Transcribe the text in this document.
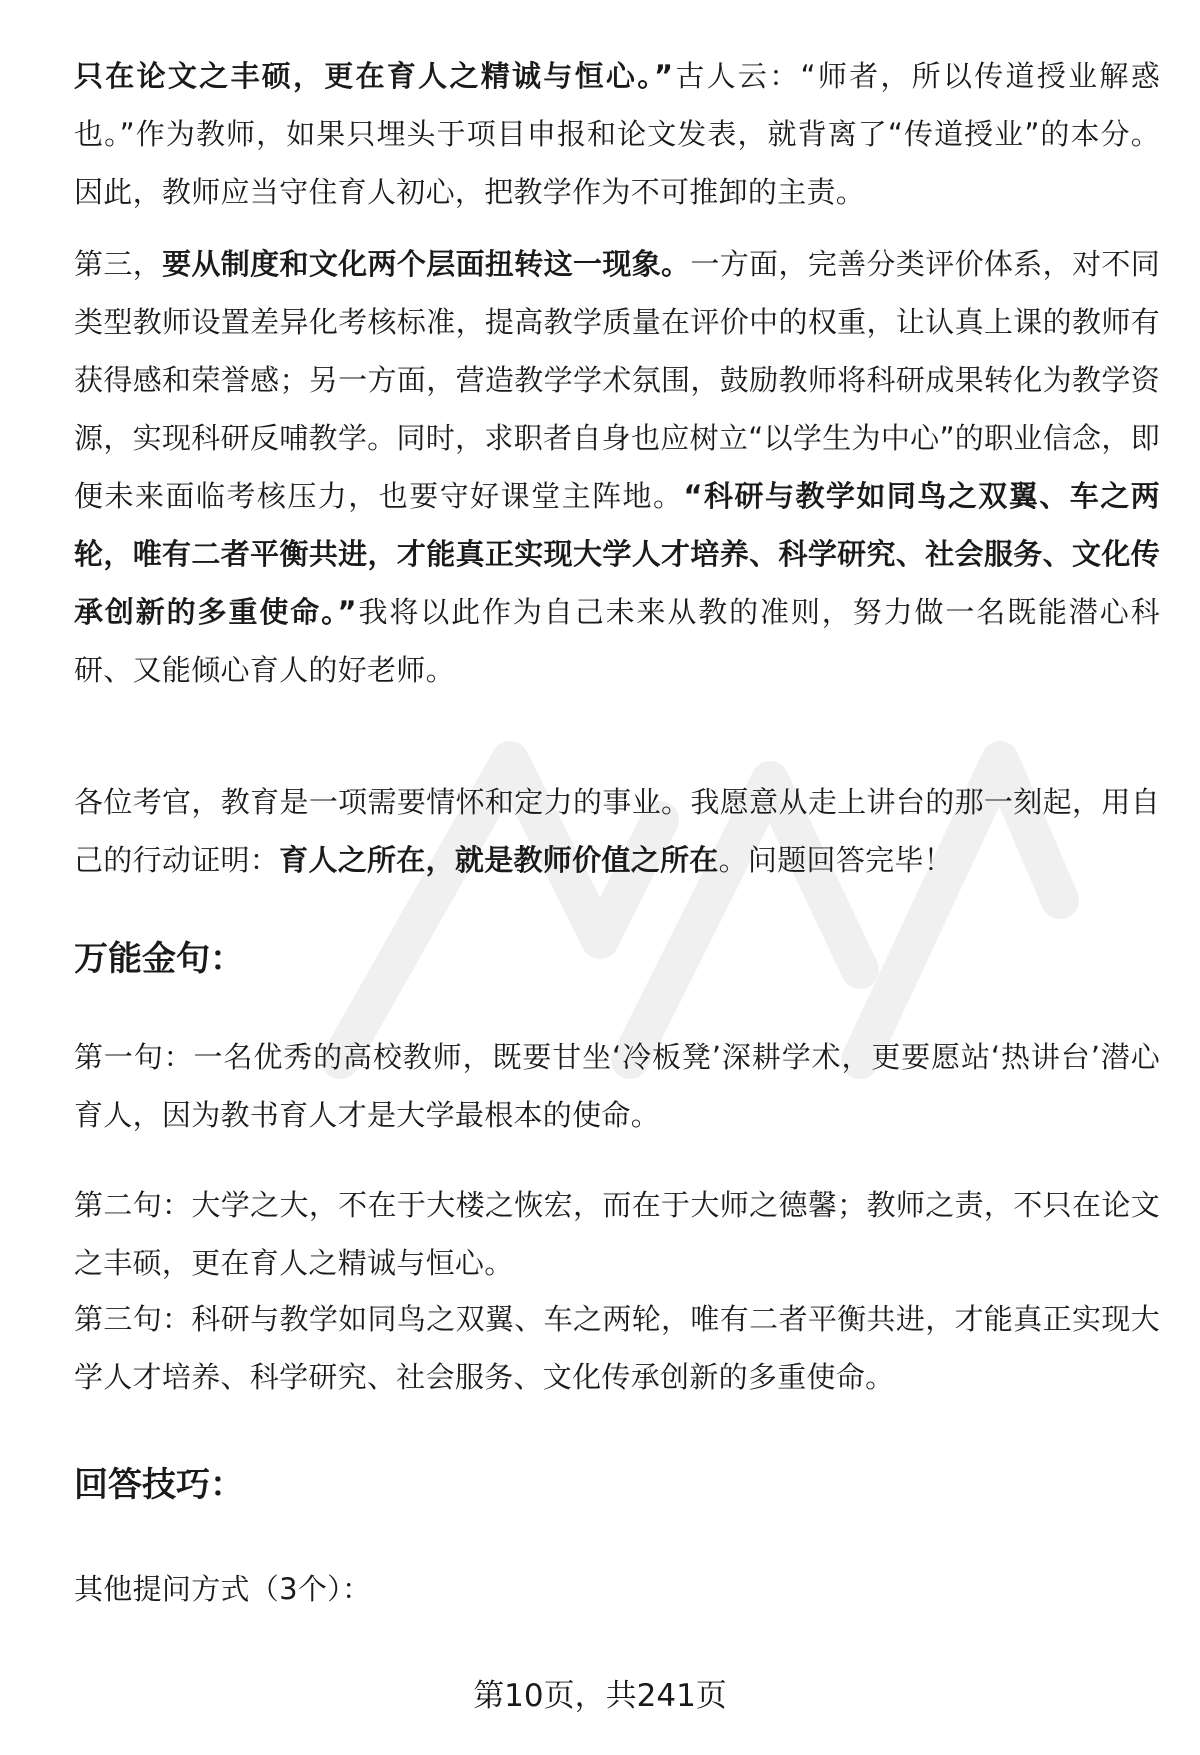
只在论文之丰硕，更在育人之精诚与恒心。”古人云：“师者，所以传道授业解惑也。”作为教师，如果只埋头于项目申报和论文发表，就背离了“传道授业”的本分。因此，教师应当守住育人初心，把教学作为不可推卸的主责。

第三，要从制度和文化两个层面扭转这一现象。一方面，完善分类评价体系，对不同类型教师设置差异化考核标准，提高教学质量在评价中的权重，让认真上课的教师有获得感和荣誉感；另一方面，营造教学学术氛围，鼓励教师将科研成果转化为教学资源，实现科研反哺教学。同时，求职者自身也应树立“以学生为中心”的职业信念，即便未来面临考核压力，也要守好课堂主阵地。“科研与教学如同鸟之双翼、车之两轮，唯有二者平衡共进，才能真正实现大学人才培养、科学研究、社会服务、文化传承创新的多重使命。”我将以此作为自己未来从教的准则，努力做一名既能潜心科研、又能倾心育人的好老师。

各位考官，教育是一项需要情怀和定力的事业。我愿意从走上讲台的那一刻起，用自己的行动证明：育人之所在，就是教师价值之所在。问题回答完毕！

万能金句：

第一句：一名优秀的高校教师，既要甘坐‘冷板凳’深耕学术，更要愿站‘热讲台’潜心育人，因为教书育人才是大学最根本的使命。

第二句：大学之大，不在于大楼之恢宏，而在于大师之德馨；教师之责，不只在论文之丰硕，更在育人之精诚与恒心。

第三句：科研与教学如同鸟之双翼、车之两轮，唯有二者平衡共进，才能真正实现大学人才培养、科学研究、社会服务、文化传承创新的多重使命。

回答技巧：

其他提问方式（3个）：

第10页，共241页
